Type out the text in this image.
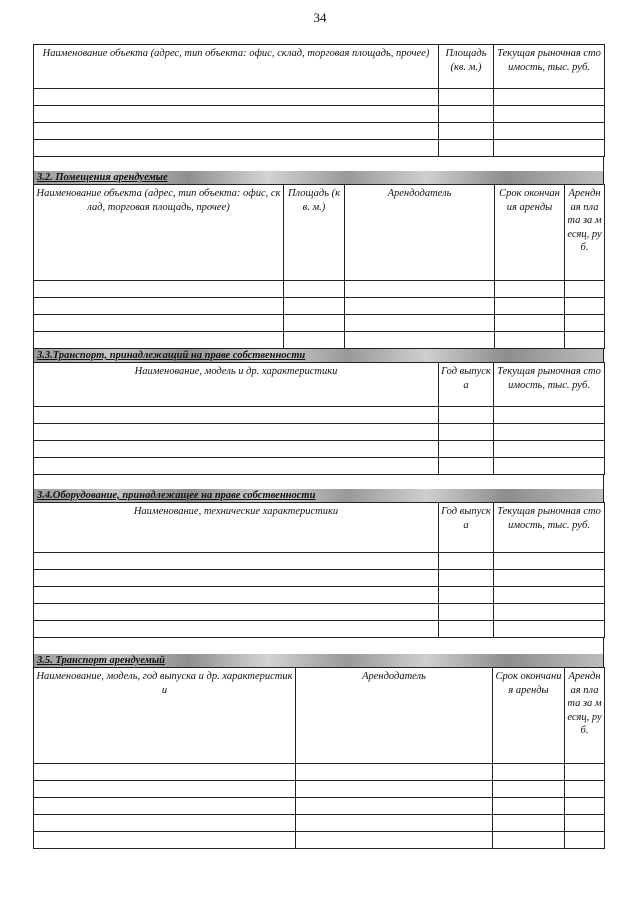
34
Наименование объекта (адрес, тип объекта: офис, склад, торговая площадь, прочее)	Площадь (кв. м.)	Текущая рыночная стоимость, тыс. руб.

3.2. Помещения арендуемые
Наименование объекта (адрес, тип объекта: офис, склад, торговая площадь, прочее)	Площадь (кв. м.)	Арендодатель	Срок окончания аренды	Арендная плата за месяц, руб.

3.3.Транспорт, принадлежащий на праве собственности
Наименование, модель и др. характеристики	Год выпуска	Текущая рыночная стоимость, тыс. руб.

3.4.Оборудование, принадлежащее на праве собственности
Наименование, технические характеристики	Год выпуска	Текущая рыночная стоимость, тыс. руб.

3.5. Транспорт арендуемый
Наименование, модель, год выпуска и др. характеристики	Арендодатель	Срок окончания аренды	Арендная плата за месяц, руб.
